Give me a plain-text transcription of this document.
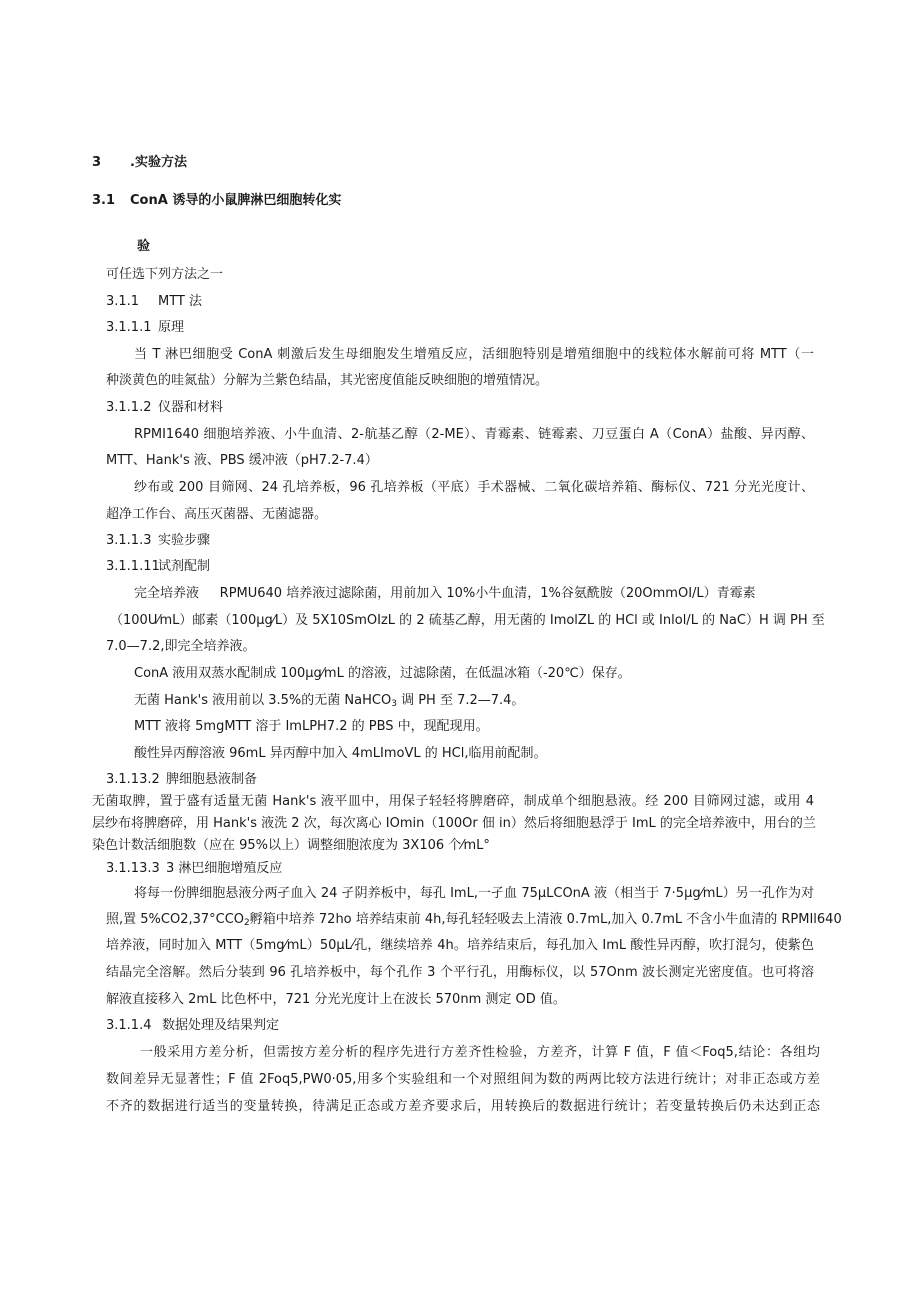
3 .实验方法
3.1 ConA 诱导的小鼠脾淋巴细胞转化实
验
可任选下列方法之一
3.1.1 MTT 法
3.1.1.1 原理
当 T 淋巴细胞受 ConA 刺激后发生母细胞发生增殖反应，活细胞特别是增殖细胞中的线粒体水解前可将 MTT（一
种淡黄色的哇氮盐）分解为兰紫色结晶，其光密度值能反映细胞的增殖情况。
3.1.1.2 仪器和材料
RPMI1640 细胞培养液、小牛血清、2-航基乙醇（2-ME）、青霉素、链霉素、刀豆蛋白 A（ConA）盐酸、异丙醇、
MTT、Hank's 液、PBS 缓冲液（pH7.2-7.4）
纱布或 200 目筛网、24 孔培养板，96 孔培养板（平底）手术器械、二氧化碳培养箱、酶标仪、721 分光光度计、
超净工作台、高压灭菌器、无菌滤器。
3.1.1.3 实验步骤
3.1.1.11试剂配制
完全培养液     RPMU640 培养液过滤除菌，用前加入 10%小牛血清，1%谷氨酰胺（20OmmOI/L）青霉素
（100U⁄mL）邮素（100μg⁄L）及 5X10SmOIzL 的 2 硫基乙醇，用无菌的 ImolZL 的 HCl 或 Inlol/L 的 NaC）H 调 PH 至
7.0—7.2,即完全培养液。
ConA 液用双蒸水配制成 100μg⁄mL 的溶液，过滤除菌，在低温冰箱（-20℃）保存。
无菌 Hank's 液用前以 3.5%的无菌 NaHCO$_3$ 调 PH 至 7.2—7.4。
MTT 液将 5mgMTT 溶于 ImLPH7.2 的 PBS 中，现配现用。
酸性异丙醇溶液 96mL 异丙醇中加入 4mLImoVL 的 HCl,临用前配制。
3.1.13.2 脾细胞悬液制备
无菌取脾，置于盛有适量无菌 Hank's 液平皿中，用保子轻轻将脾磨碎，制成单个细胞悬液。经 200 目筛网过滤，或用 4
层纱布将脾磨碎，用 Hank's 液洗 2 次，每次离心 IOmin（100Or 佃 in）然后将细胞悬浮于 ImL 的完全培养液中，用台的兰
染色计数活细胞数（应在 95%以上）调整细胞浓度为 3X106 个⁄mL°
3.1.13.3 3 淋巴细胞增殖反应
将每一份脾细胞悬液分两孑血入 24 孑阴养板中，每孔 ImL,一孑血 75μLCOnA 液（相当于 7·5μg⁄mL）另一孔作为对
照,置 $5\%CO2,37^\circ CCO_2$孵箱中培养 72ho 培养结束前 4h,每孔轻轻吸去上清液 0.7mL,加入 0.7mL 不含小牛血清的 RPMIl640
培养液，同时加入 MTT（5mg⁄mL）50μL⁄孔，继续培养 4h。培养结束后，每孔加入 ImL 酸性异丙醇，吹打混匀，使紫色
结晶完全溶解。然后分装到 96 孔培养板中，每个孔作 3 个平行孔，用酶标仪，以 57Onm 波长测定光密度值。也可将溶
解液直接移入 2mL 比色杯中，721 分光光度计上在波长 570nm 测定 OD 值。
3.1.1.4 数据处理及结果判定
一般采用方差分析，但需按方差分析的程序先进行方差齐性检验，方差齐，计算 F 值，F 值＜Foq5,结论：各组均
数间差异无显著性；F 值 2Foq5,PW0·05,用多个实验组和一个对照组间为数的两两比较方法进行统计；对非正态或方差
不齐的数据进行适当的变量转换，待满足正态或方差齐要求后，用转换后的数据进行统计；若变量转换后仍未达到正态
